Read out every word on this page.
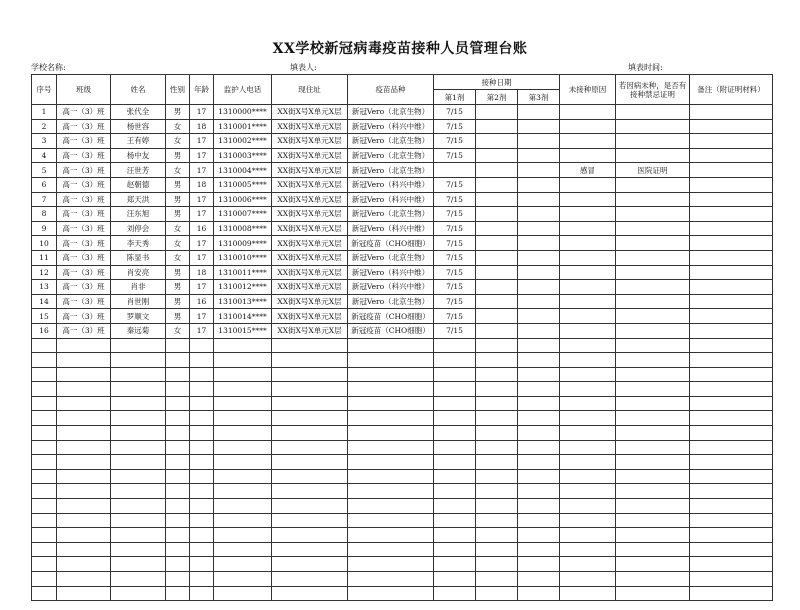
XX学校新冠病毒疫苗接种人员管理台账
学校名称:	填表人:	填表时间:
序号	班级	姓名	性别	年龄	监护人电话	现住址	疫苗品种	接种日期			未接种原因	若因病未种，是否有接种禁忌证明	备注（附证明材料）
								第1剂	第2剂	第3剂			
1	高一（3）班	张代全	男	17	1310000****	XX街X号X单元X层	新冠Vero（北京生物）	7/15					
2	高一（3）班	杨世容	女	18	1310001****	XX街X号X单元X层	新冠Vero（科兴中维）	7/15					
3	高一（3）班	王有婷	女	17	1310002****	XX街X号X单元X层	新冠Vero（北京生物）	7/15					
4	高一（3）班	杨中友	男	17	1310003****	XX街X号X单元X层	新冠Vero（北京生物）	7/15					
5	高一（3）班	汪世芳	女	17	1310004****	XX街X号X单元X层	新冠Vero（北京生物）				感冒	医院证明	
6	高一（3）班	赵朝德	男	18	1310005****	XX街X号X单元X层	新冠Vero（科兴中维）	7/15					
7	高一（3）班	郑天洪	男	17	1310006****	XX街X号X单元X层	新冠Vero（科兴中维）	7/15					
8	高一（3）班	汪东旭	男	17	1310007****	XX街X号X单元X层	新冠Vero（北京生物）	7/15					
9	高一（3）班	刘停会	女	16	1310008****	XX街X号X单元X层	新冠Vero（科兴中维）	7/15					
10	高一（3）班	李天秀	女	17	1310009****	XX街X号X单元X层	新冠疫苗（CHO细胞）	7/15					
11	高一（3）班	陈显书	女	17	1310010****	XX街X号X单元X层	新冠Vero（北京生物）	7/15					
12	高一（3）班	肖安亮	男	18	1310011****	XX街X号X单元X层	新冠Vero（科兴中维）	7/15					
13	高一（3）班	肖非	男	17	1310012****	XX街X号X单元X层	新冠Vero（科兴中维）	7/15					
14	高一（3）班	肖世刚	男	16	1310013****	XX街X号X单元X层	新冠Vero（北京生物）	7/15					
15	高一（3）班	罗顺文	男	17	1310014****	XX街X号X单元X层	新冠疫苗（CHO细胞）	7/15					
16	高一（3）班	秦远菊	女	17	1310015****	XX街X号X单元X层	新冠疫苗（CHO细胞）	7/15					
